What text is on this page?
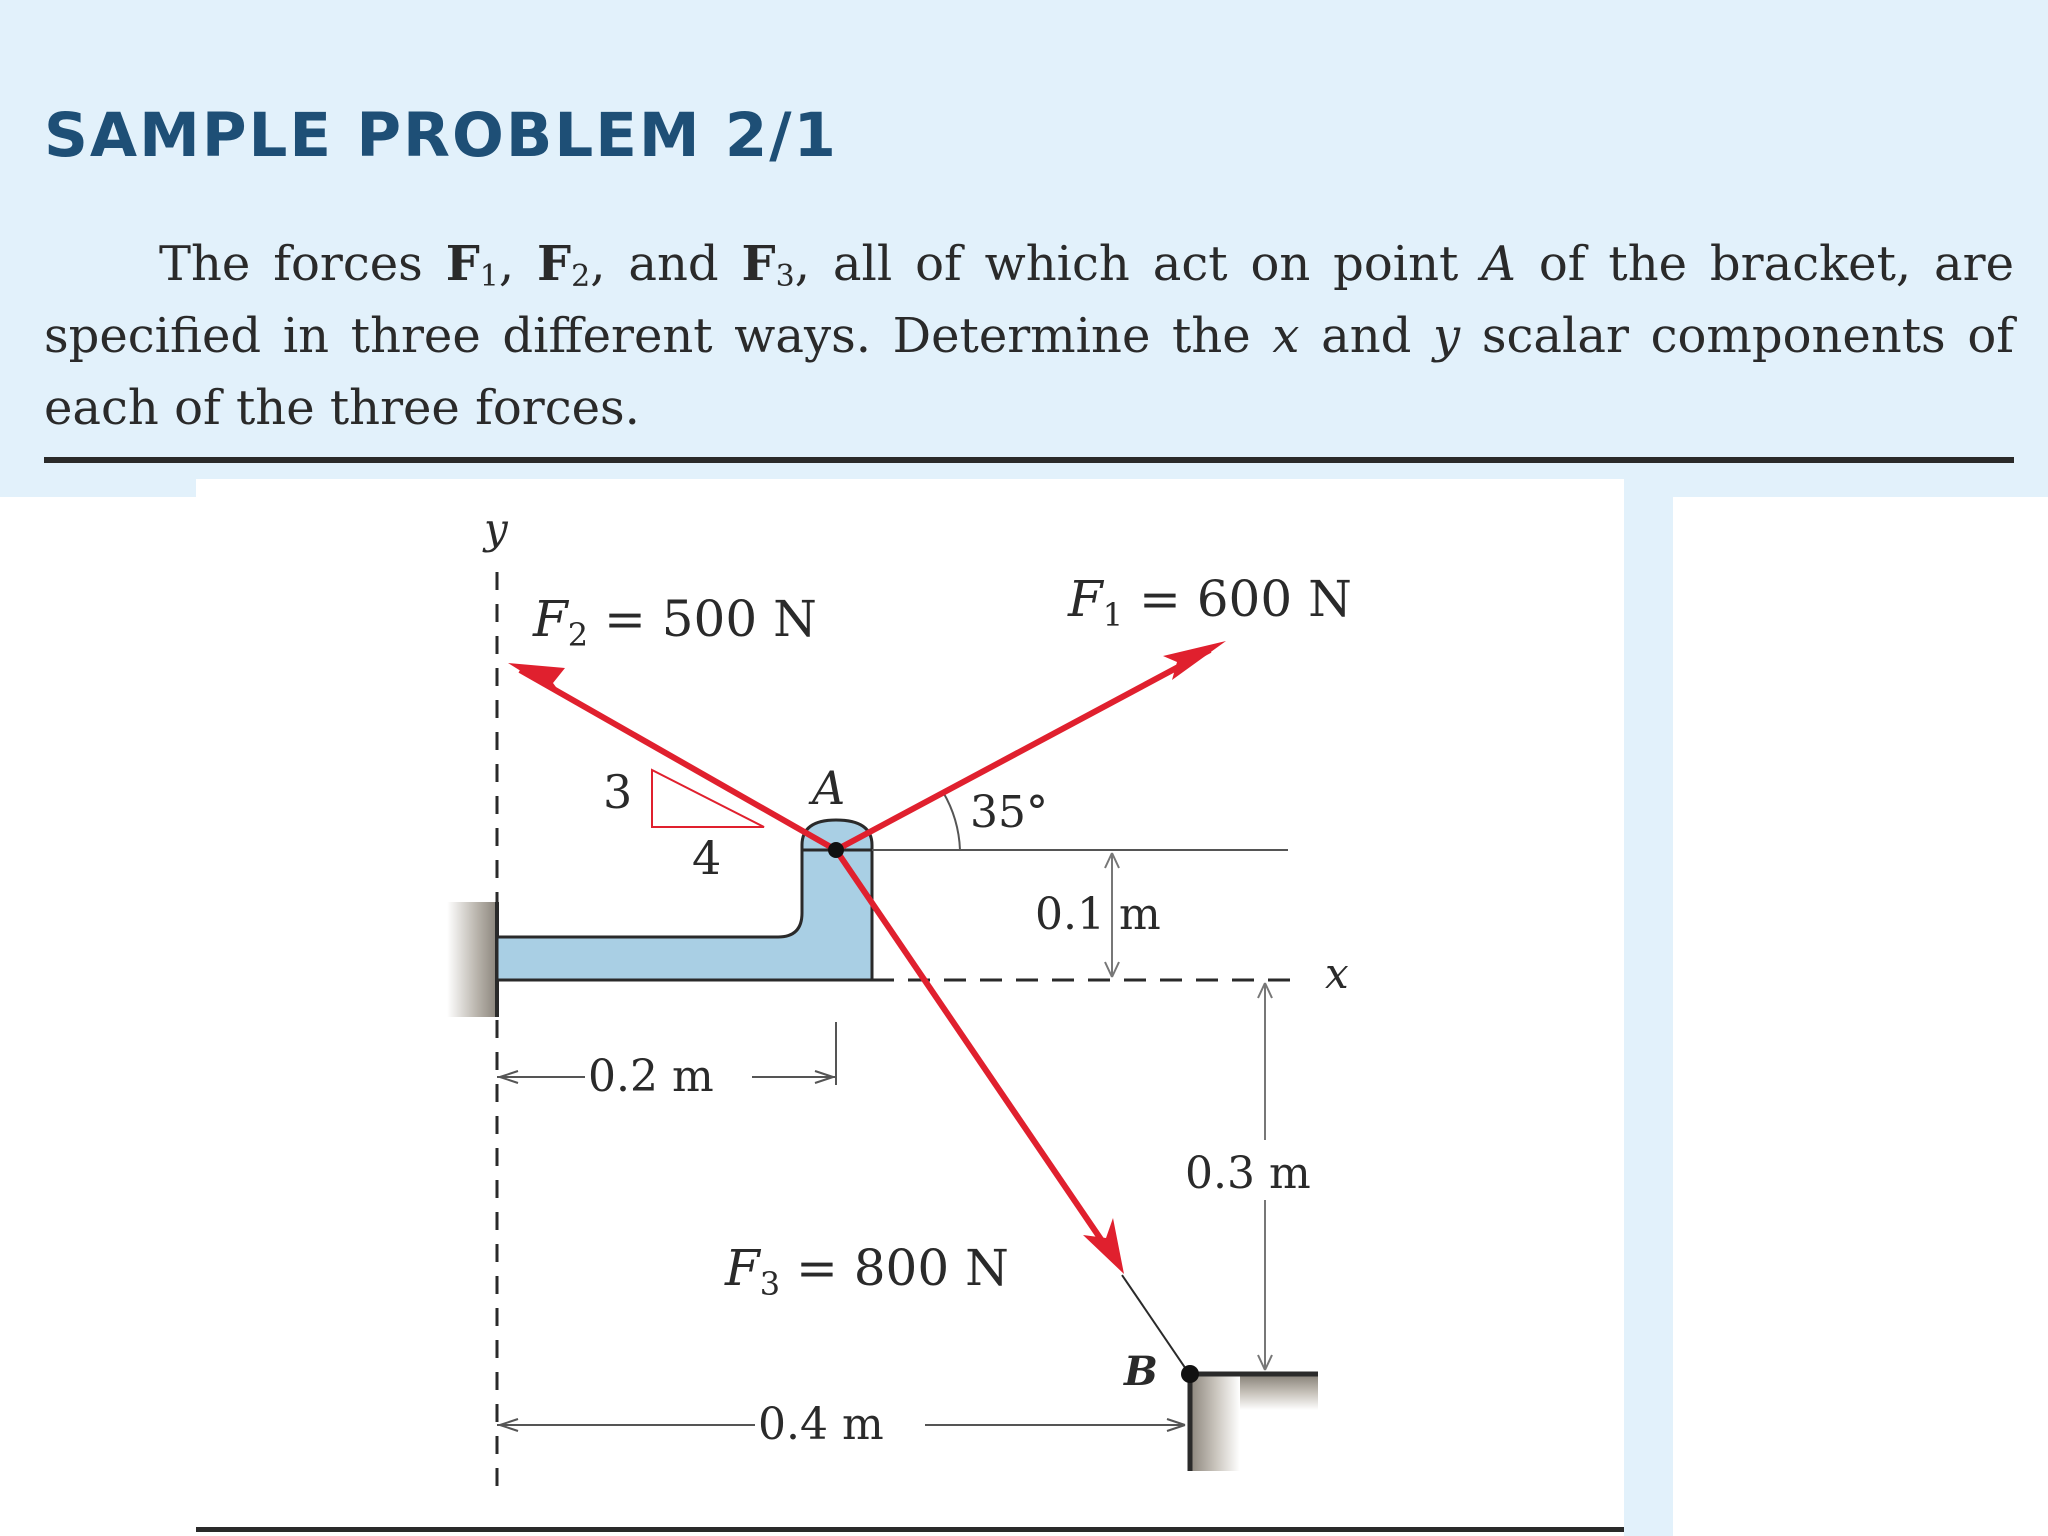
SAMPLE PROBLEM 2/1
The forces $F_1$, $F_2$, and $F_3$, all of which act on point A of the bracket, are specified in three different ways. Determine the x and y scalar components of each of the three forces.
y
x
0.1 m
0.2 m
0.3 m
0.4 m
35°
3
4
$F_2 = 500$ N	$F_1 = 600$ N
$F_3 = 800$ N
A
B
